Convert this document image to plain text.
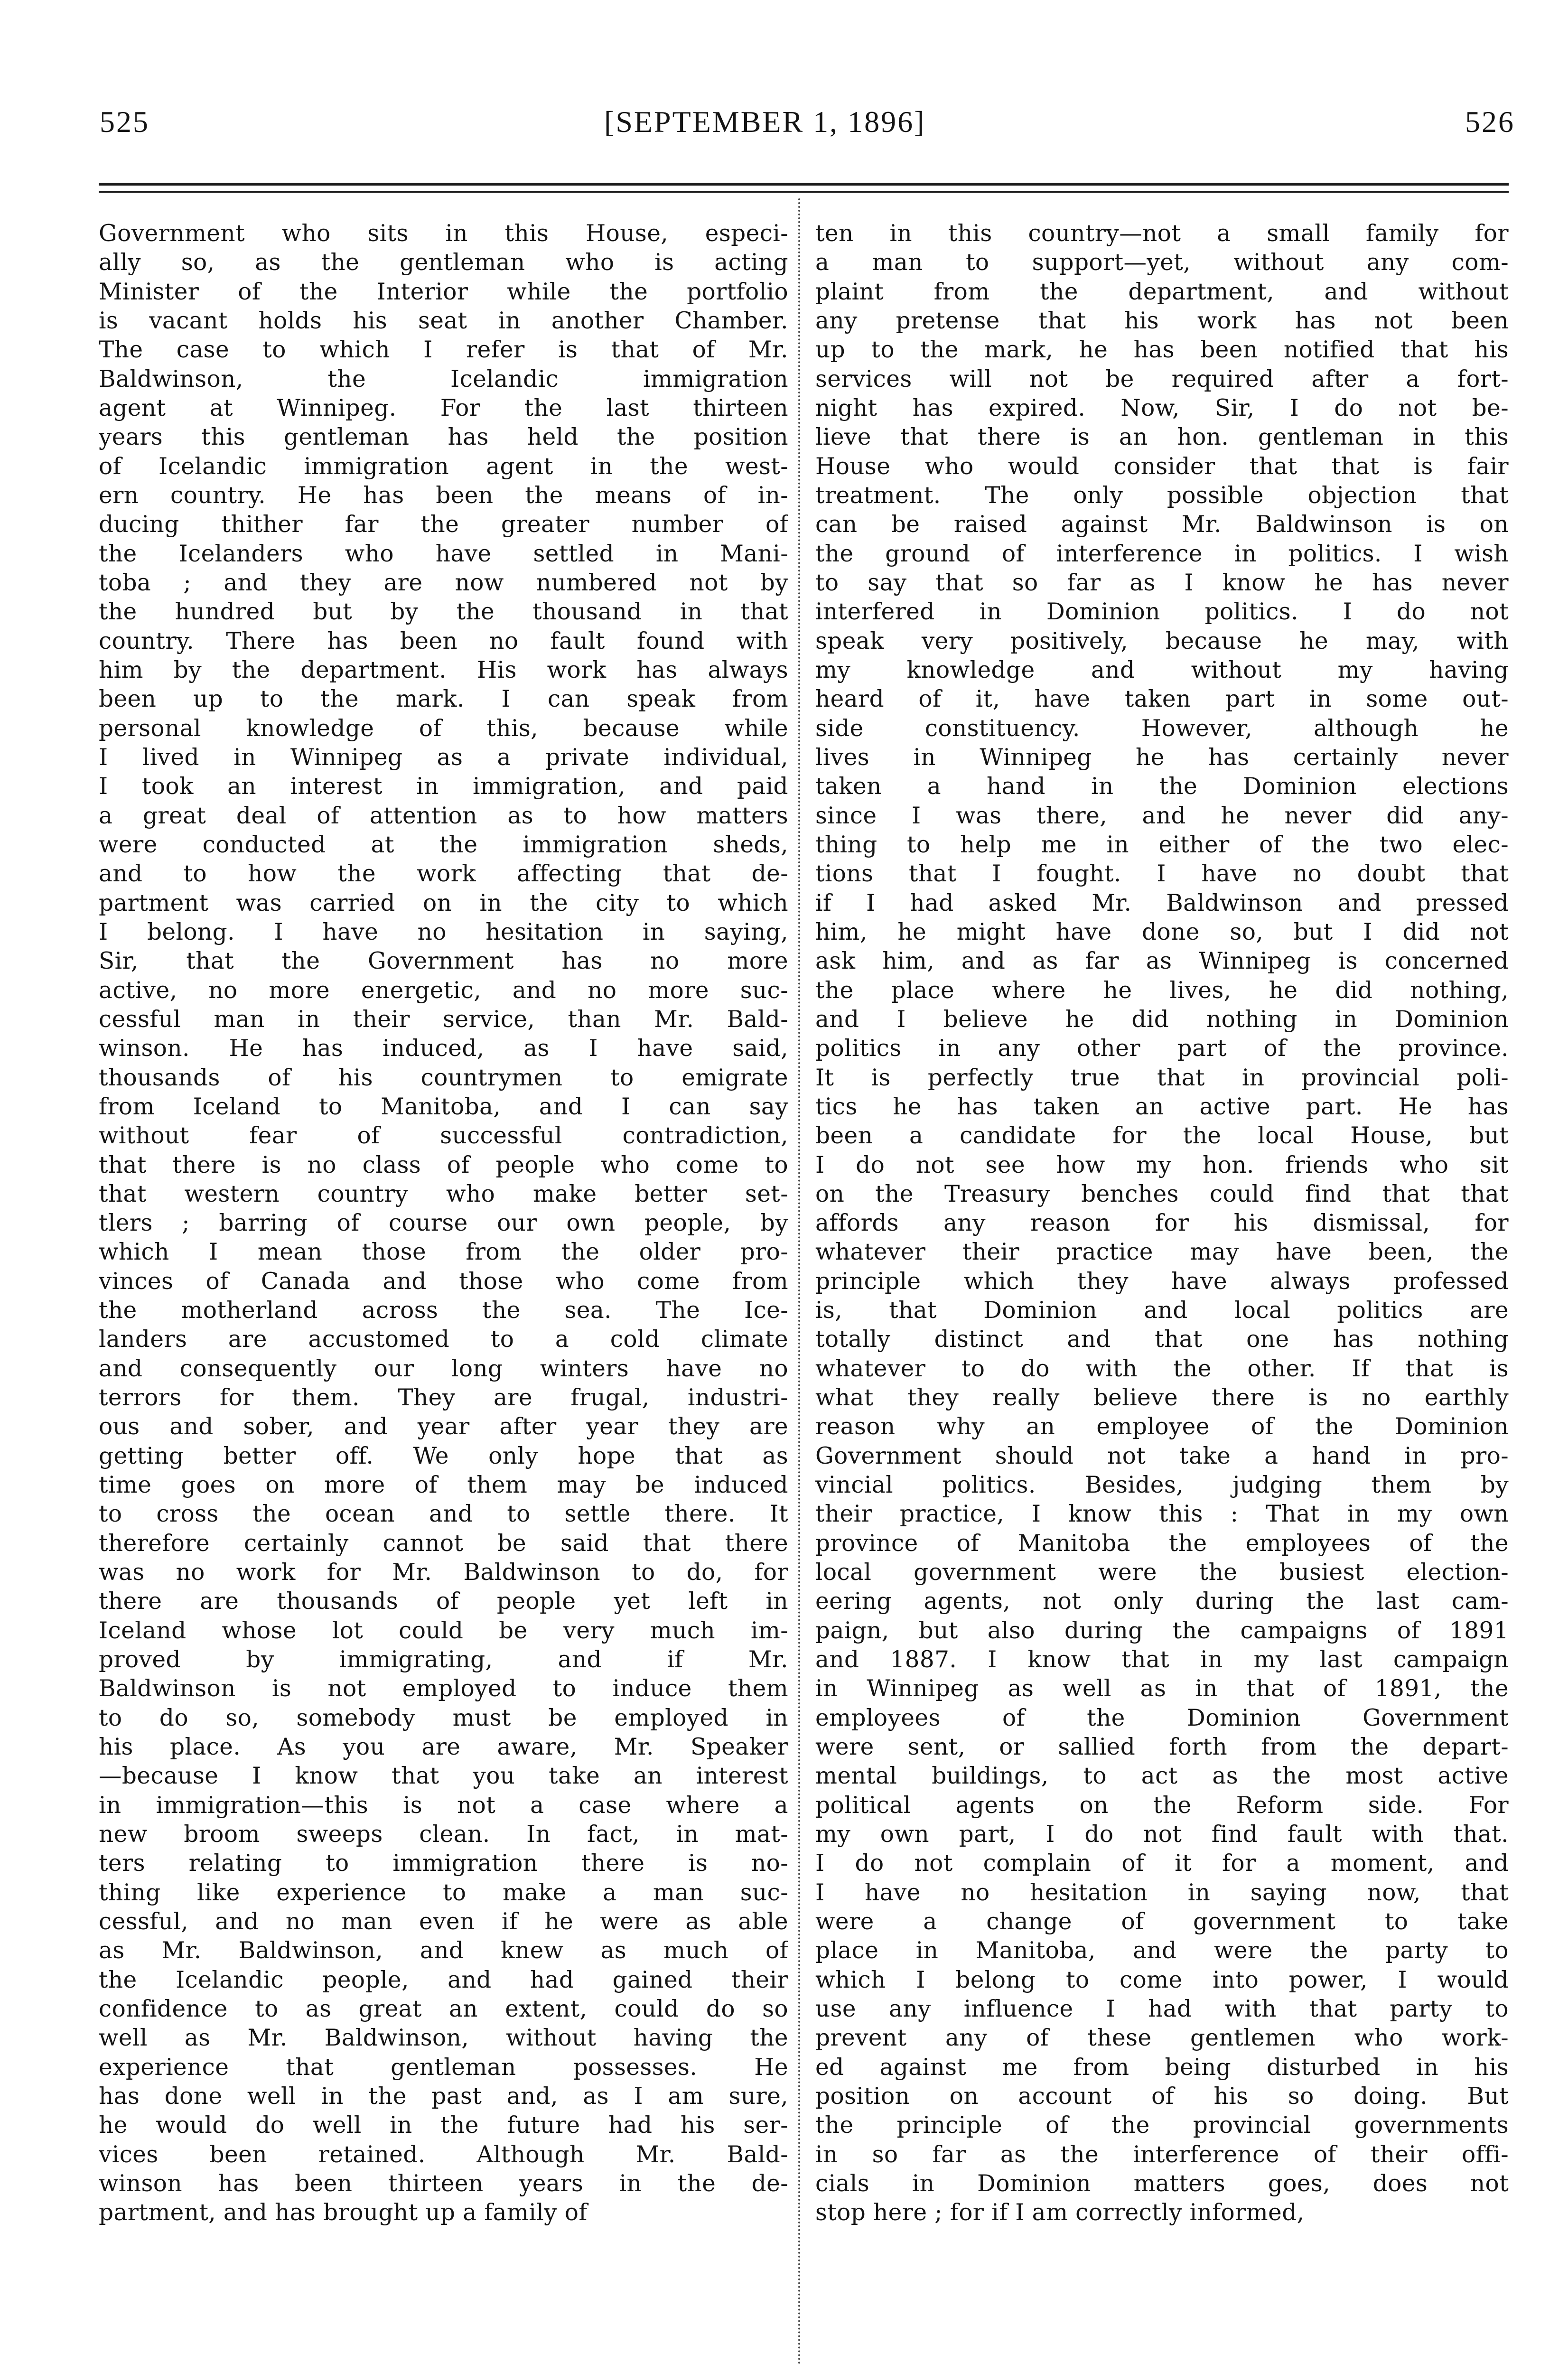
525	[SEPTEMBER 1, 1896]	526
Government who sits in this House, especi-
ally so, as the gentleman who is acting
Minister of the Interior while the portfolio
is vacant holds his seat in another Chamber.
The case to which I refer is that of Mr.
Baldwinson, the Icelandic immigration
agent at Winnipeg. For the last thirteen
years this gentleman has held the position
of Icelandic immigration agent in the west-
ern country. He has been the means of in-
ducing thither far the greater number of
the Icelanders who have settled in Mani-
toba ; and they are now numbered not by
the hundred but by the thousand in that
country. There has been no fault found with
him by the department. His work has always
been up to the mark. I can speak from
personal knowledge of this, because while
I lived in Winnipeg as a private individual,
I took an interest in immigration, and paid
a great deal of attention as to how matters
were conducted at the immigration sheds,
and to how the work affecting that de-
partment was carried on in the city to which
I belong. I have no hesitation in saying,
Sir, that the Government has no more
active, no more energetic, and no more suc-
cessful man in their service, than Mr. Bald-
winson. He has induced, as I have said,
thousands of his countrymen to emigrate
from Iceland to Manitoba, and I can say
without fear of successful contradiction,
that there is no class of people who come to
that western country who make better set-
tlers ; barring of course our own people, by
which I mean those from the older pro-
vinces of Canada and those who come from
the motherland across the sea. The Ice-
landers are accustomed to a cold climate
and consequently our long winters have no
terrors for them. They are frugal, industri-
ous and sober, and year after year they are
getting better off. We only hope that as
time goes on more of them may be induced
to cross the ocean and to settle there. It
therefore certainly cannot be said that there
was no work for Mr. Baldwinson to do, for
there are thousands of people yet left in
Iceland whose lot could be very much im-
proved by immigrating, and if Mr.
Baldwinson is not employed to induce them
to do so, somebody must be employed in
his place. As you are aware, Mr. Speaker
—because I know that you take an interest
in immigration—this is not a case where a
new broom sweeps clean. In fact, in mat-
ters relating to immigration there is no-
thing like experience to make a man suc-
cessful, and no man even if he were as able
as Mr. Baldwinson, and knew as much of
the Icelandic people, and had gained their
confidence to as great an extent, could do so
well as Mr. Baldwinson, without having the
experience that gentleman possesses. He
has done well in the past and, as I am sure,
he would do well in the future had his ser-
vices been retained. Although Mr. Bald-
winson has been thirteen years in the de-
partment, and has brought up a family of
ten in this country—not a small family for
a man to support—yet, without any com-
plaint from the department, and without
any pretense that his work has not been
up to the mark, he has been notified that his
services will not be required after a fort-
night has expired. Now, Sir, I do not be-
lieve that there is an hon. gentleman in this
House who would consider that that is fair
treatment. The only possible objection that
can be raised against Mr. Baldwinson is on
the ground of interference in politics. I wish
to say that so far as I know he has never
interfered in Dominion politics. I do not
speak very positively, because he may, with
my knowledge and without my having
heard of it, have taken part in some out-
side constituency. However, although he
lives in Winnipeg he has certainly never
taken a hand in the Dominion elections
since I was there, and he never did any-
thing to help me in either of the two elec-
tions that I fought. I have no doubt that
if I had asked Mr. Baldwinson and pressed
him, he might have done so, but I did not
ask him, and as far as Winnipeg is concerned
the place where he lives, he did nothing,
and I believe he did nothing in Dominion
politics in any other part of the province.
It is perfectly true that in provincial poli-
tics he has taken an active part. He has
been a candidate for the local House, but
I do not see how my hon. friends who sit
on the Treasury benches could find that that
affords any reason for his dismissal, for
whatever their practice may have been, the
principle which they have always professed
is, that Dominion and local politics are
totally distinct and that one has nothing
whatever to do with the other. If that is
what they really believe there is no earthly
reason why an employee of the Dominion
Government should not take a hand in pro-
vincial politics. Besides, judging them by
their practice, I know this : That in my own
province of Manitoba the employees of the
local government were the busiest election-
eering agents, not only during the last cam-
paign, but also during the campaigns of 1891
and 1887. I know that in my last campaign
in Winnipeg as well as in that of 1891, the
employees of the Dominion Government
were sent, or sallied forth from the depart-
mental buildings, to act as the most active
political agents on the Reform side. For
my own part, I do not find fault with that.
I do not complain of it for a moment, and
I have no hesitation in saying now, that
were a change of government to take
place in Manitoba, and were the party to
which I belong to come into power, I would
use any influence I had with that party to
prevent any of these gentlemen who work-
ed against me from being disturbed in his
position on account of his so doing. But
the principle of the provincial governments
in so far as the interference of their offi-
cials in Dominion matters goes, does not
stop here ; for if I am correctly informed,
